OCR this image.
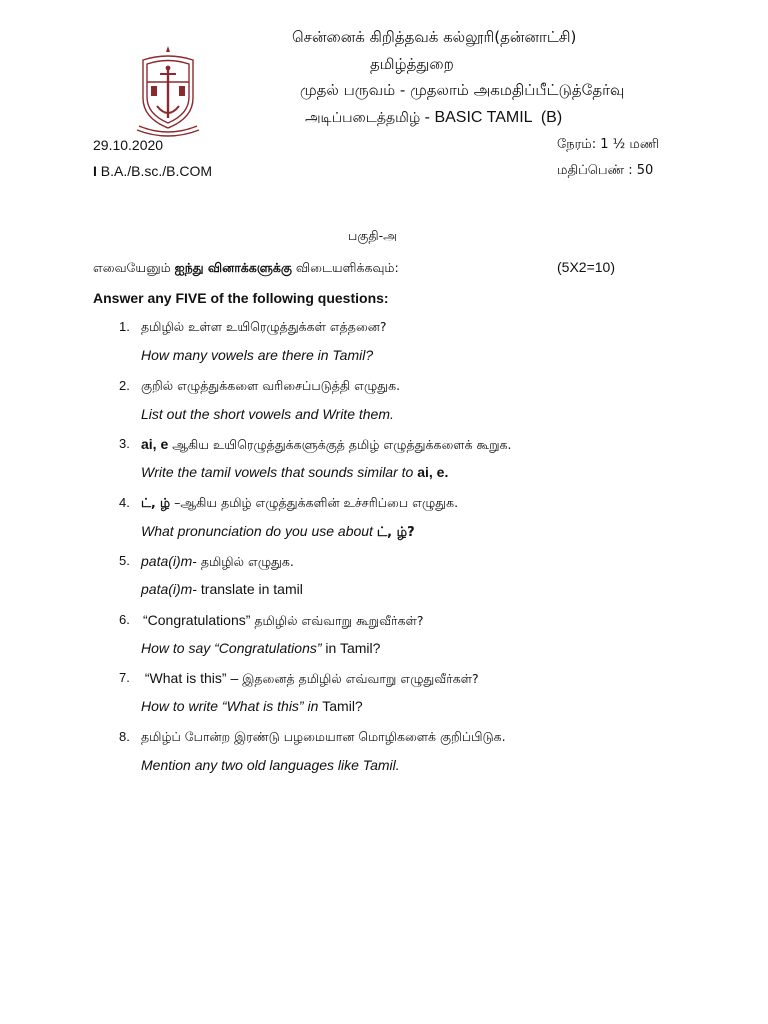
சென்னைக் கிறித்தவக் கல்லூரி(தன்னாட்சி)
தமிழ்த்துறை
முதல் பருவம் - முதலாம் அகமதிப்பீட்டுத்தேர்வு
அடிப்படைத்தமிழ் - BASIC TAMIL  (B)
29.10.2020	நேரம்: 1 ½ மணி
I B.A./B.sc./B.COM	மதிப்பெண் : 50
பகுதி-அ
எவையேனும் ஐந்து வினாக்களுக்கு விடையளிக்கவும்:	(5X2=10)
Answer any FIVE of the following questions:
1. தமிழில் உள்ள உயிரெழுத்துக்கள் எத்தனை?
How many vowels are there in Tamil?
2. குறில் எழுத்துக்களை வரிசைப்படுத்தி எழுதுக.
List out the short vowels and Write them.
3. ai, e ஆகிய உயிரெழுத்துக்களுக்குத் தமிழ் எழுத்துக்களைக் கூறுக.
Write the tamil vowels that sounds similar to ai, e.
4. ட், ழ் –ஆகிய தமிழ் எழுத்துக்களின் உச்சரிப்பை எழுதுக.
What pronunciation do you use about ட், ழ்?
5. pata(i)m- தமிழில் எழுதுக.
pata(i)m- translate in tamil
6. “Congratulations” தமிழில் எவ்வாறு கூறுவீர்கள்?
How to say “Congratulations” in Tamil?
7. “What is this” – இதனைத் தமிழில் எவ்வாறு எழுதுவீர்கள்?
How to write “What is this” in Tamil?
8. தமிழ்ப் போன்ற இரண்டு பழமையான மொழிகளைக் குறிப்பிடுக.
Mention any two old languages like Tamil.
